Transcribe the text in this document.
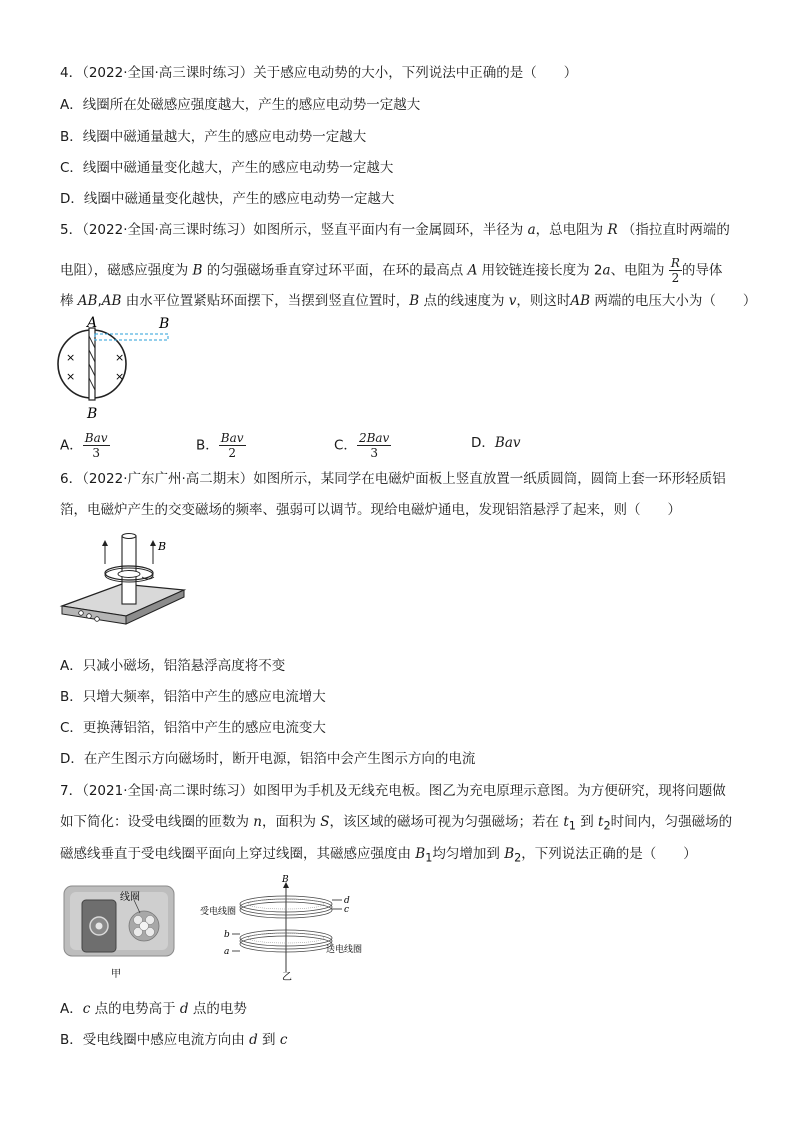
4．（2022·全国·高三课时练习）关于感应电动势的大小，下列说法中正确的是（　　）
A．线圈所在处磁感应强度越大，产生的感应电动势一定越大
B．线圈中磁通量越大，产生的感应电动势一定越大
C．线圈中磁通量变化越大，产生的感应电动势一定越大
D．线圈中磁通量变化越快，产生的感应电动势一定越大
5．（2022·全国·高三课时练习）如图所示，竖直平面内有一金属圆环，半径为 a，总电阻为 R （指拉直时两端的
电阻），磁感应强度为 B 的匀强磁场垂直穿过环平面，在环的最高点 A 用铰链连接长度为 2a、电阻为 $\frac{R}{2}$ 的导体
棒 AB,AB 由水平位置紧贴环面摆下，当摆到竖直位置时，B 点的线速度为 v，则这时AB 两端的电压大小为（　　）
×
×
×
×
A	B
B
A． $\frac{\text{Bav}}{3}$	B． $\frac{\text{Bav}}{2}$	C． $\frac{\text{2Bav}}{3}$	D．Bav
6．（2022·广东广州·高二期末）如图所示，某同学在电磁炉面板上竖直放置一纸质圆筒，圆筒上套一环形轻质铝
箔，电磁炉产生的交变磁场的频率、强弱可以调节。现给电磁炉通电，发现铝箔悬浮了起来，则（　　）
B
A．只减小磁场，铝箔悬浮高度将不变
B．只增大频率，铝箔中产生的感应电流增大
C．更换薄铝箔，铝箔中产生的感应电流变大
D．在产生图示方向磁场时，断开电源，铝箔中会产生图示方向的电流
7．（2021·全国·高二课时练习）如图甲为手机及无线充电板。图乙为充电原理示意图。为方便研究，现将问题做
如下简化：设受电线圈的匝数为 n，面积为 S，该区域的磁场可视为匀强磁场；若在 $t_1$ 到 $t_2$时间内，匀强磁场的
磁感线垂直于受电线圈平面向上穿过线圈，其磁感应强度由 $B_1$均匀增加到 $B_2$，下列说法正确的是（　　）
线圈
甲
B
d
c
受电线圈
b
a	送电线圈
乙
A．c 点的电势高于 d 点的电势
B．受电线圈中感应电流方向由 d 到 c
